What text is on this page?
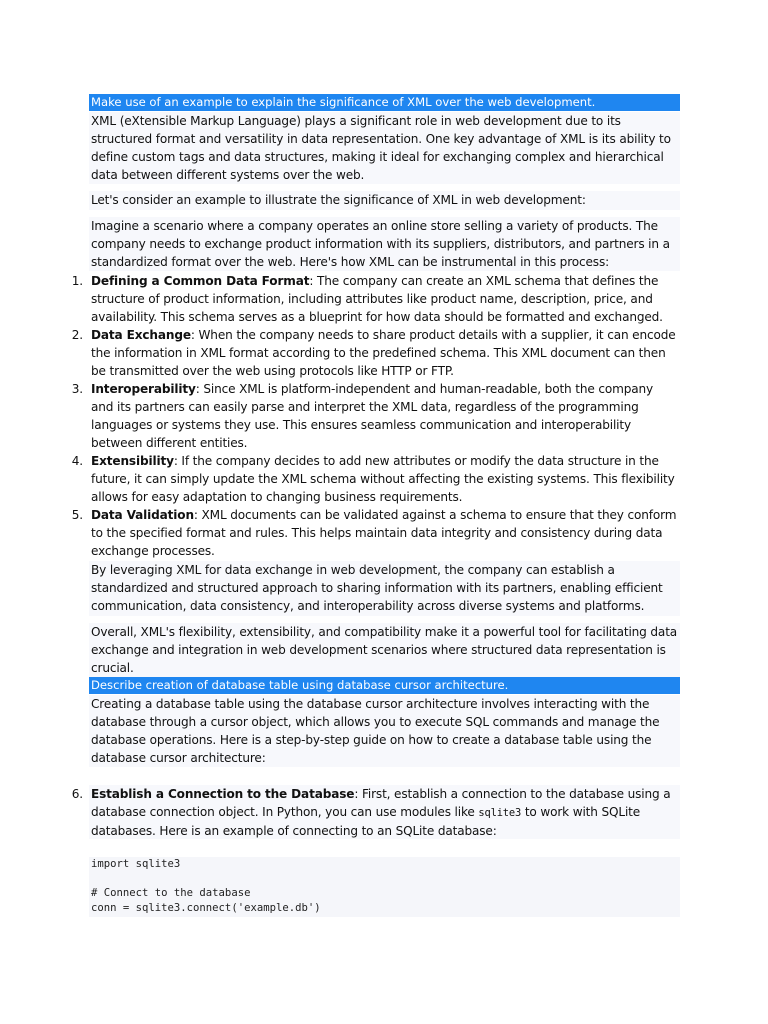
Make use of an example to explain the significance of XML over the web development.

XML (eXtensible Markup Language) plays a significant role in web development due to its structured format and versatility in data representation. One key advantage of XML is its ability to define custom tags and data structures, making it ideal for exchanging complex and hierarchical data between different systems over the web.

Let's consider an example to illustrate the significance of XML in web development:

Imagine a scenario where a company operates an online store selling a variety of products. The company needs to exchange product information with its suppliers, distributors, and partners in a standardized format over the web. Here's how XML can be instrumental in this process:

1. Defining a Common Data Format: The company can create an XML schema that defines the structure of product information, including attributes like product name, description, price, and availability. This schema serves as a blueprint for how data should be formatted and exchanged.
2. Data Exchange: When the company needs to share product details with a supplier, it can encode the information in XML format according to the predefined schema. This XML document can then be transmitted over the web using protocols like HTTP or FTP.
3. Interoperability: Since XML is platform-independent and human-readable, both the company and its partners can easily parse and interpret the XML data, regardless of the programming languages or systems they use. This ensures seamless communication and interoperability between different entities.
4. Extensibility: If the company decides to add new attributes or modify the data structure in the future, it can simply update the XML schema without affecting the existing systems. This flexibility allows for easy adaptation to changing business requirements.
5. Data Validation: XML documents can be validated against a schema to ensure that they conform to the specified format and rules. This helps maintain data integrity and consistency during data exchange processes.

By leveraging XML for data exchange in web development, the company can establish a standardized and structured approach to sharing information with its partners, enabling efficient communication, data consistency, and interoperability across diverse systems and platforms.

Overall, XML's flexibility, extensibility, and compatibility make it a powerful tool for facilitating data exchange and integration in web development scenarios where structured data representation is crucial.

Describe creation of database table using database cursor architecture.

Creating a database table using the database cursor architecture involves interacting with the database through a cursor object, which allows you to execute SQL commands and manage the database operations. Here is a step-by-step guide on how to create a database table using the database cursor architecture:

6. Establish a Connection to the Database: First, establish a connection to the database using a database connection object. In Python, you can use modules like sqlite3 to work with SQLite databases. Here is an example of connecting to an SQLite database:
import sqlite3
# Connect to the database
conn = sqlite3.connect('example.db')
